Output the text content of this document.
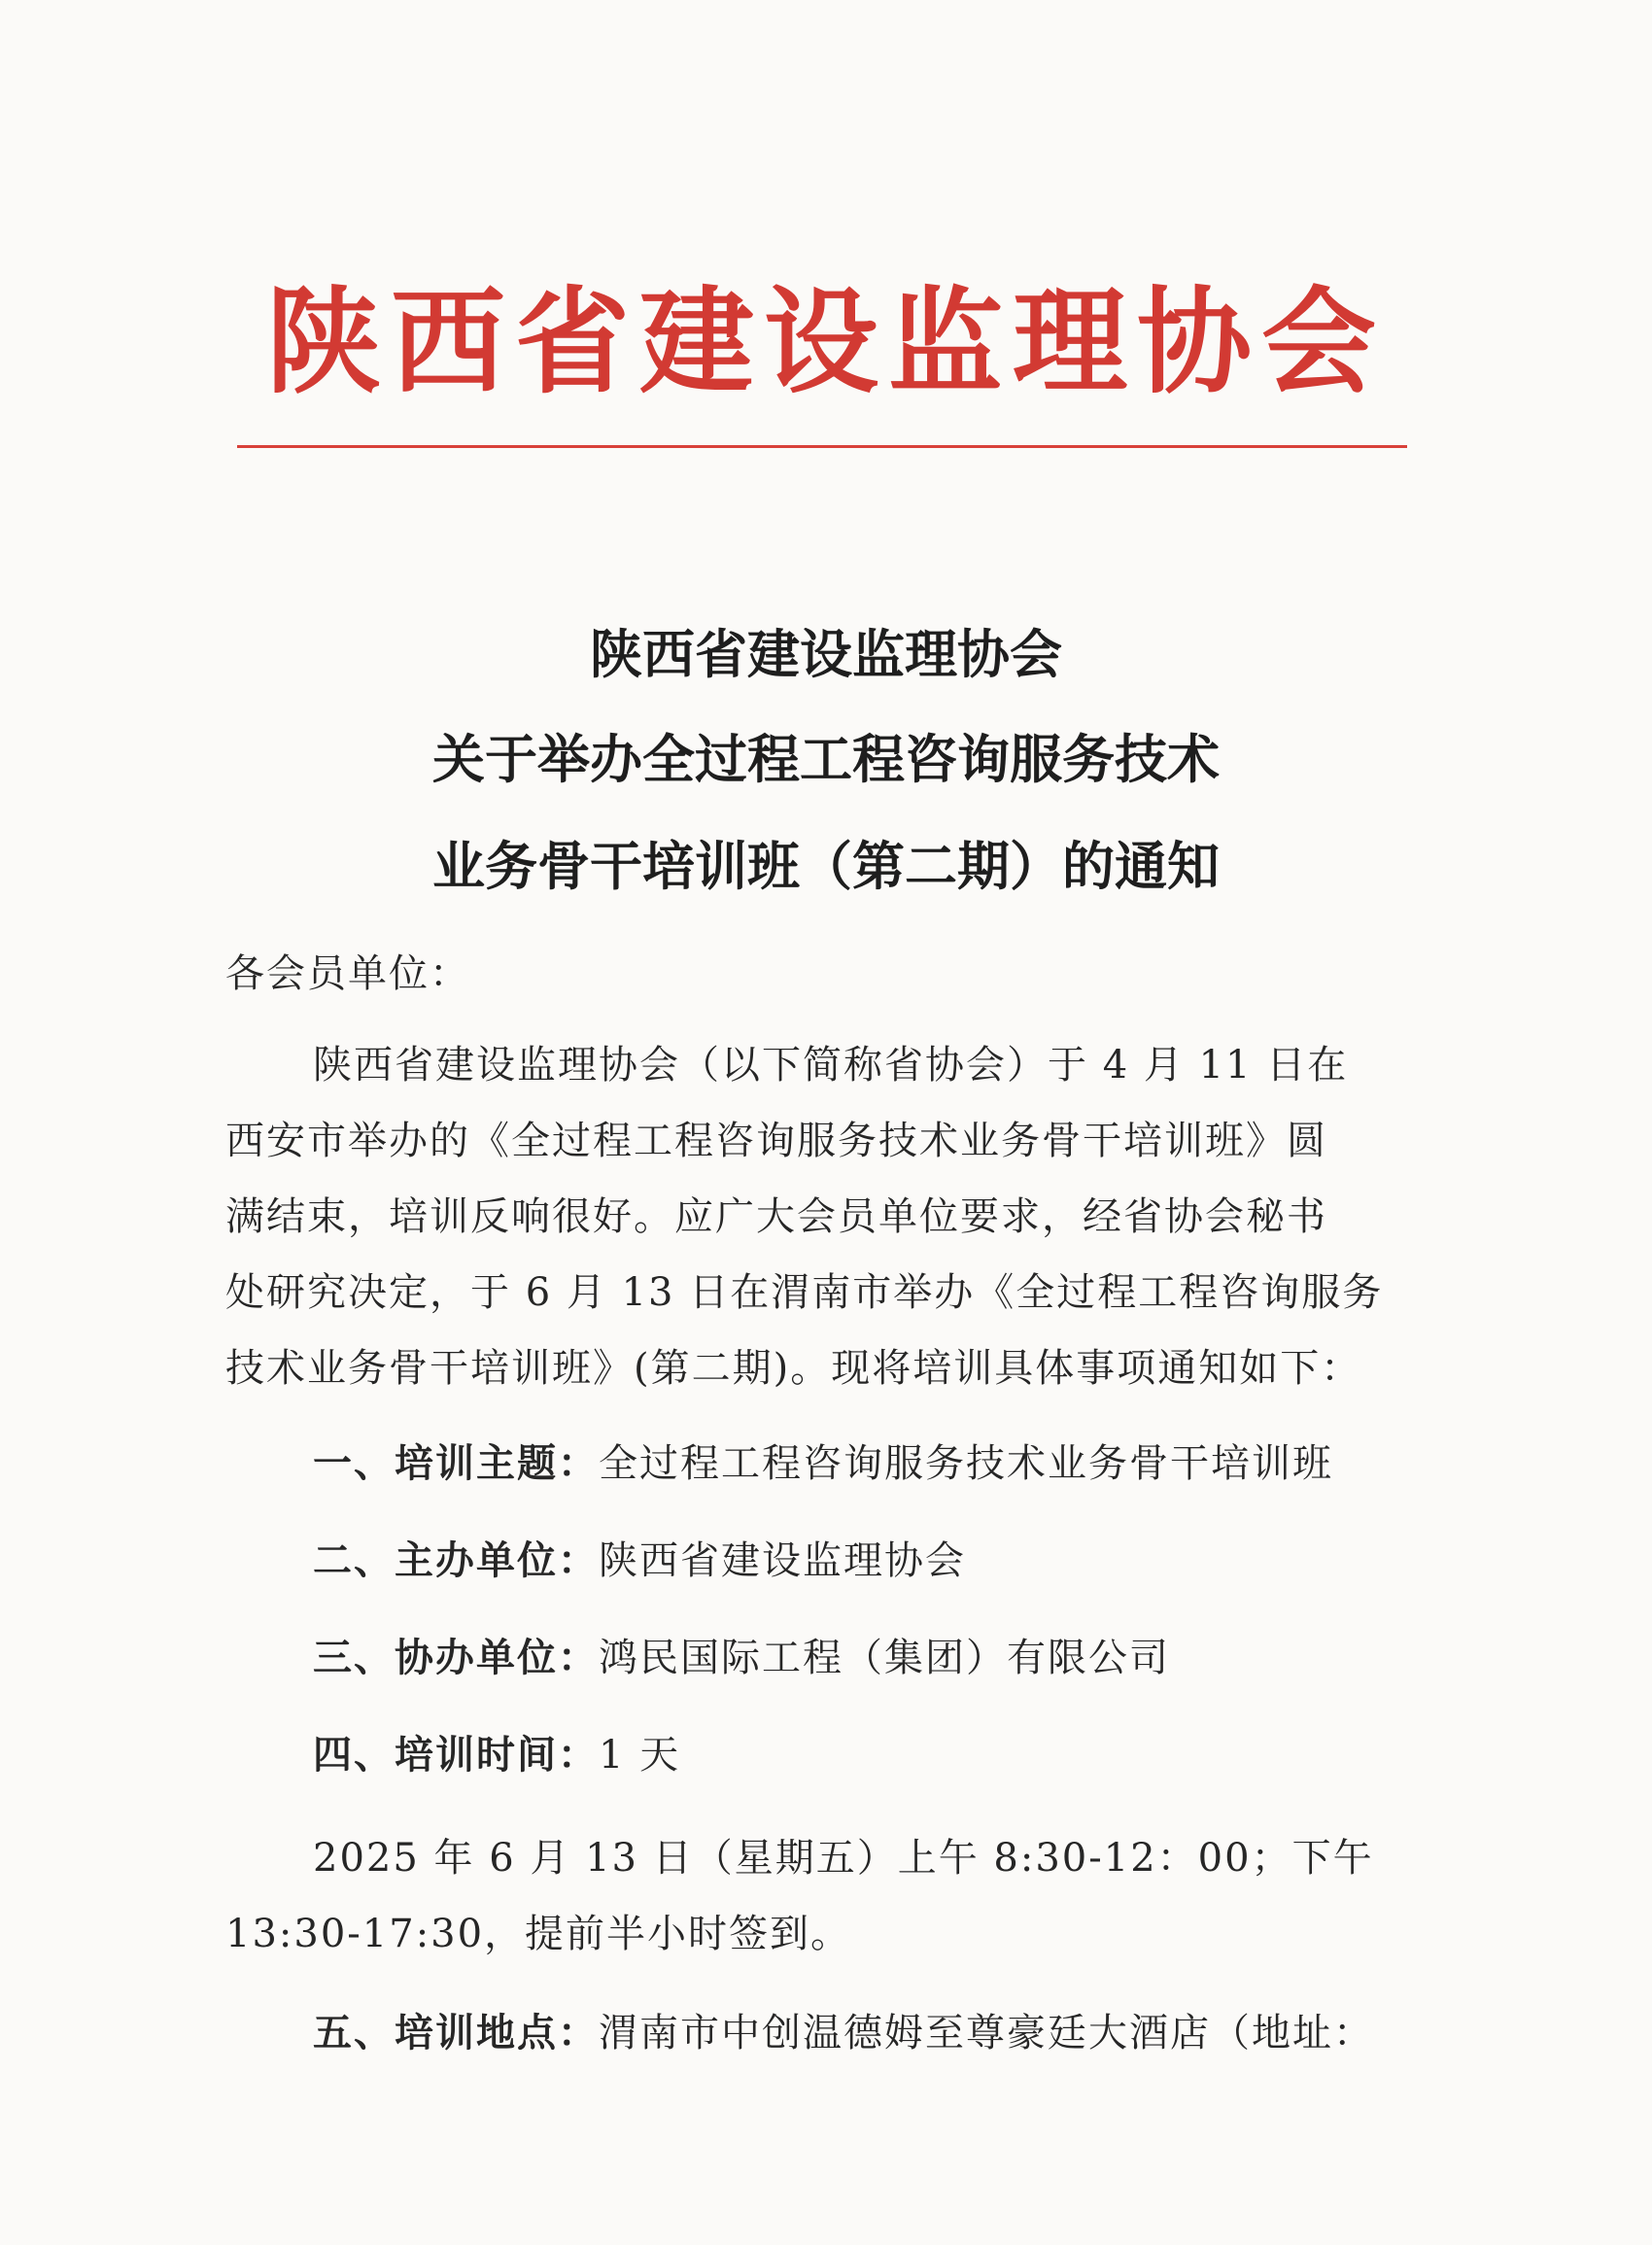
陕西省建设监理协会
陕西省建设监理协会
关于举办全过程工程咨询服务技术
业务骨干培训班（第二期）的通知
各会员单位：
陕西省建设监理协会（以下简称省协会）于 4 月 11 日在
西安市举办的《全过程工程咨询服务技术业务骨干培训班》圆
满结束，培训反响很好。应广大会员单位要求，经省协会秘书
处研究决定，于 6 月 13 日在渭南市举办《全过程工程咨询服务
技术业务骨干培训班》(第二期)。现将培训具体事项通知如下：
一、培训主题：全过程工程咨询服务技术业务骨干培训班
二、主办单位：陕西省建设监理协会
三、协办单位：鸿民国际工程（集团）有限公司
四、培训时间：1 天
2025 年 6 月 13 日（星期五）上午 8:30-12：00；下午
13:30-17:30，提前半小时签到。
五、培训地点：渭南市中创温德姆至尊豪廷大酒店（地址：
